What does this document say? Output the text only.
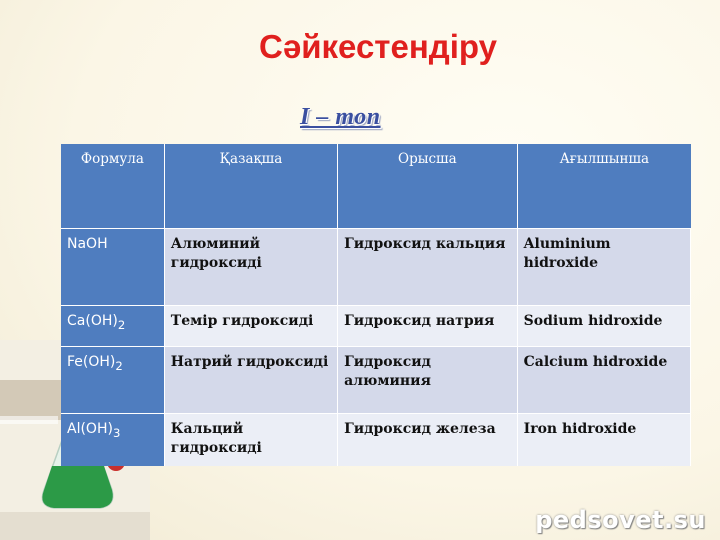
Сәйкестендіру
I – топ
Формула	Қазақша	Орысша	Ағылшынша
NaOH	Алюминий гидроксиді	Гидроксид кальция	Aluminium hidroxide
$Ca(OH)_2$	Темір гидроксиді	Гидроксид натрия	Sodium hidroxide
$Fe(OH)_2$	Натрий гидроксиді	Гидроксид алюминия	Calcium hidroxide
$Al(OH)_3$	Кальций гидроксиді	Гидроксид железа	Iron hidroxide
pedsovet.su
